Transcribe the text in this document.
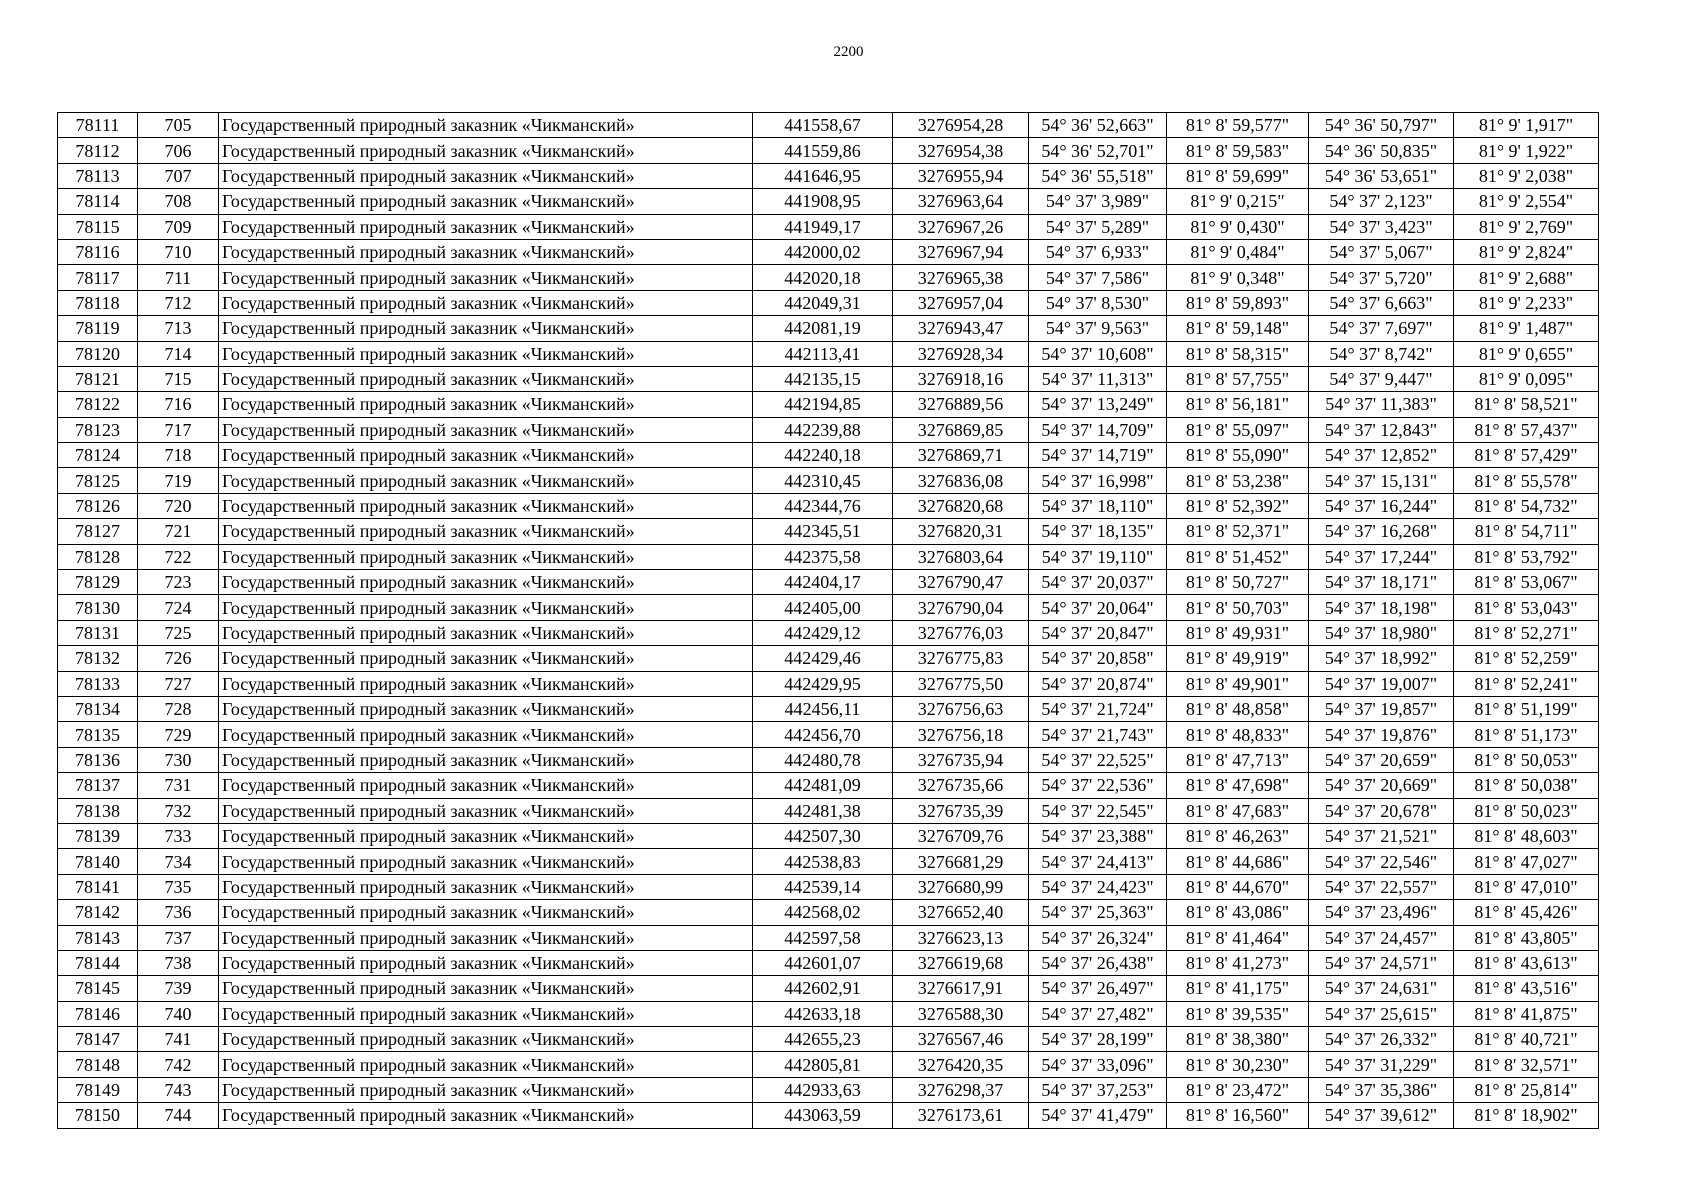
2200
78111	705	Государственный природный заказник «Чикманский»	441558,67	3276954,28	54° 36' 52,663"	81° 8' 59,577"	54° 36' 50,797"	81° 9' 1,917"
78112	706	Государственный природный заказник «Чикманский»	441559,86	3276954,38	54° 36' 52,701"	81° 8' 59,583"	54° 36' 50,835"	81° 9' 1,922"
78113	707	Государственный природный заказник «Чикманский»	441646,95	3276955,94	54° 36' 55,518"	81° 8' 59,699"	54° 36' 53,651"	81° 9' 2,038"
78114	708	Государственный природный заказник «Чикманский»	441908,95	3276963,64	54° 37' 3,989"	81° 9' 0,215"	54° 37' 2,123"	81° 9' 2,554"
78115	709	Государственный природный заказник «Чикманский»	441949,17	3276967,26	54° 37' 5,289"	81° 9' 0,430"	54° 37' 3,423"	81° 9' 2,769"
78116	710	Государственный природный заказник «Чикманский»	442000,02	3276967,94	54° 37' 6,933"	81° 9' 0,484"	54° 37' 5,067"	81° 9' 2,824"
78117	711	Государственный природный заказник «Чикманский»	442020,18	3276965,38	54° 37' 7,586"	81° 9' 0,348"	54° 37' 5,720"	81° 9' 2,688"
78118	712	Государственный природный заказник «Чикманский»	442049,31	3276957,04	54° 37' 8,530"	81° 8' 59,893"	54° 37' 6,663"	81° 9' 2,233"
78119	713	Государственный природный заказник «Чикманский»	442081,19	3276943,47	54° 37' 9,563"	81° 8' 59,148"	54° 37' 7,697"	81° 9' 1,487"
78120	714	Государственный природный заказник «Чикманский»	442113,41	3276928,34	54° 37' 10,608"	81° 8' 58,315"	54° 37' 8,742"	81° 9' 0,655"
78121	715	Государственный природный заказник «Чикманский»	442135,15	3276918,16	54° 37' 11,313"	81° 8' 57,755"	54° 37' 9,447"	81° 9' 0,095"
78122	716	Государственный природный заказник «Чикманский»	442194,85	3276889,56	54° 37' 13,249"	81° 8' 56,181"	54° 37' 11,383"	81° 8' 58,521"
78123	717	Государственный природный заказник «Чикманский»	442239,88	3276869,85	54° 37' 14,709"	81° 8' 55,097"	54° 37' 12,843"	81° 8' 57,437"
78124	718	Государственный природный заказник «Чикманский»	442240,18	3276869,71	54° 37' 14,719"	81° 8' 55,090"	54° 37' 12,852"	81° 8' 57,429"
78125	719	Государственный природный заказник «Чикманский»	442310,45	3276836,08	54° 37' 16,998"	81° 8' 53,238"	54° 37' 15,131"	81° 8' 55,578"
78126	720	Государственный природный заказник «Чикманский»	442344,76	3276820,68	54° 37' 18,110"	81° 8' 52,392"	54° 37' 16,244"	81° 8' 54,732"
78127	721	Государственный природный заказник «Чикманский»	442345,51	3276820,31	54° 37' 18,135"	81° 8' 52,371"	54° 37' 16,268"	81° 8' 54,711"
78128	722	Государственный природный заказник «Чикманский»	442375,58	3276803,64	54° 37' 19,110"	81° 8' 51,452"	54° 37' 17,244"	81° 8' 53,792"
78129	723	Государственный природный заказник «Чикманский»	442404,17	3276790,47	54° 37' 20,037"	81° 8' 50,727"	54° 37' 18,171"	81° 8' 53,067"
78130	724	Государственный природный заказник «Чикманский»	442405,00	3276790,04	54° 37' 20,064"	81° 8' 50,703"	54° 37' 18,198"	81° 8' 53,043"
78131	725	Государственный природный заказник «Чикманский»	442429,12	3276776,03	54° 37' 20,847"	81° 8' 49,931"	54° 37' 18,980"	81° 8' 52,271"
78132	726	Государственный природный заказник «Чикманский»	442429,46	3276775,83	54° 37' 20,858"	81° 8' 49,919"	54° 37' 18,992"	81° 8' 52,259"
78133	727	Государственный природный заказник «Чикманский»	442429,95	3276775,50	54° 37' 20,874"	81° 8' 49,901"	54° 37' 19,007"	81° 8' 52,241"
78134	728	Государственный природный заказник «Чикманский»	442456,11	3276756,63	54° 37' 21,724"	81° 8' 48,858"	54° 37' 19,857"	81° 8' 51,199"
78135	729	Государственный природный заказник «Чикманский»	442456,70	3276756,18	54° 37' 21,743"	81° 8' 48,833"	54° 37' 19,876"	81° 8' 51,173"
78136	730	Государственный природный заказник «Чикманский»	442480,78	3276735,94	54° 37' 22,525"	81° 8' 47,713"	54° 37' 20,659"	81° 8' 50,053"
78137	731	Государственный природный заказник «Чикманский»	442481,09	3276735,66	54° 37' 22,536"	81° 8' 47,698"	54° 37' 20,669"	81° 8' 50,038"
78138	732	Государственный природный заказник «Чикманский»	442481,38	3276735,39	54° 37' 22,545"	81° 8' 47,683"	54° 37' 20,678"	81° 8' 50,023"
78139	733	Государственный природный заказник «Чикманский»	442507,30	3276709,76	54° 37' 23,388"	81° 8' 46,263"	54° 37' 21,521"	81° 8' 48,603"
78140	734	Государственный природный заказник «Чикманский»	442538,83	3276681,29	54° 37' 24,413"	81° 8' 44,686"	54° 37' 22,546"	81° 8' 47,027"
78141	735	Государственный природный заказник «Чикманский»	442539,14	3276680,99	54° 37' 24,423"	81° 8' 44,670"	54° 37' 22,557"	81° 8' 47,010"
78142	736	Государственный природный заказник «Чикманский»	442568,02	3276652,40	54° 37' 25,363"	81° 8' 43,086"	54° 37' 23,496"	81° 8' 45,426"
78143	737	Государственный природный заказник «Чикманский»	442597,58	3276623,13	54° 37' 26,324"	81° 8' 41,464"	54° 37' 24,457"	81° 8' 43,805"
78144	738	Государственный природный заказник «Чикманский»	442601,07	3276619,68	54° 37' 26,438"	81° 8' 41,273"	54° 37' 24,571"	81° 8' 43,613"
78145	739	Государственный природный заказник «Чикманский»	442602,91	3276617,91	54° 37' 26,497"	81° 8' 41,175"	54° 37' 24,631"	81° 8' 43,516"
78146	740	Государственный природный заказник «Чикманский»	442633,18	3276588,30	54° 37' 27,482"	81° 8' 39,535"	54° 37' 25,615"	81° 8' 41,875"
78147	741	Государственный природный заказник «Чикманский»	442655,23	3276567,46	54° 37' 28,199"	81° 8' 38,380"	54° 37' 26,332"	81° 8' 40,721"
78148	742	Государственный природный заказник «Чикманский»	442805,81	3276420,35	54° 37' 33,096"	81° 8' 30,230"	54° 37' 31,229"	81° 8' 32,571"
78149	743	Государственный природный заказник «Чикманский»	442933,63	3276298,37	54° 37' 37,253"	81° 8' 23,472"	54° 37' 35,386"	81° 8' 25,814"
78150	744	Государственный природный заказник «Чикманский»	443063,59	3276173,61	54° 37' 41,479"	81° 8' 16,560"	54° 37' 39,612"	81° 8' 18,902"
